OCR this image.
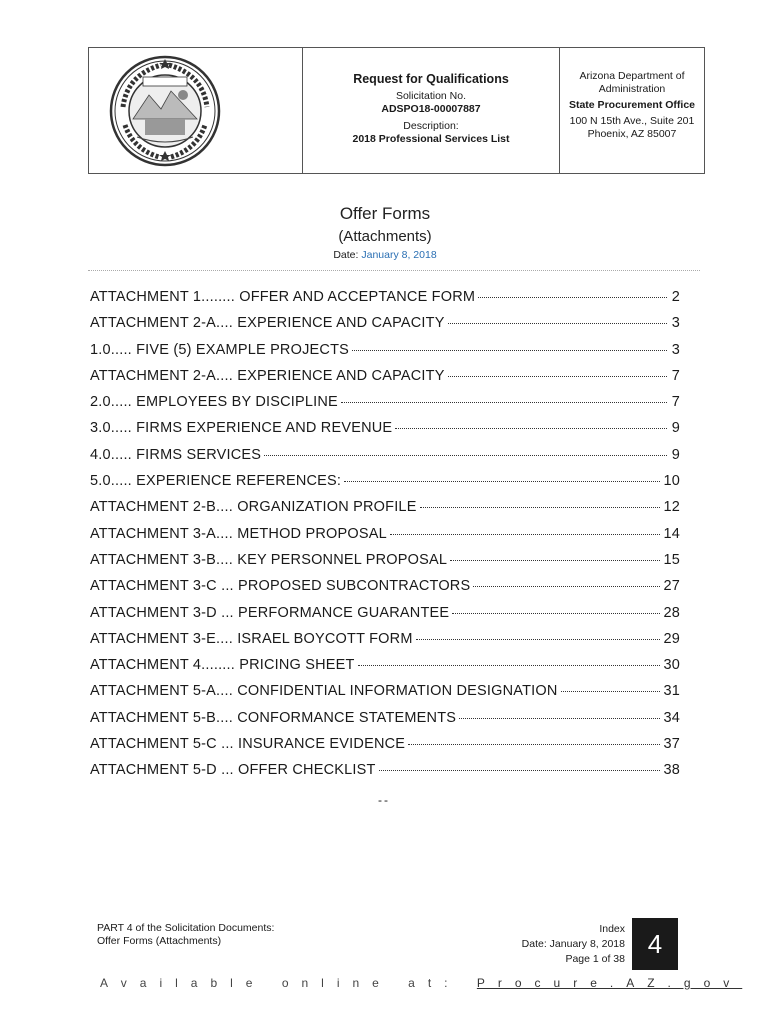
Request for Qualifications
Solicitation No.
ADSPO18-00007887
Description:
2018 Professional Services List
Arizona Department of
Administration
State Procurement Office
100 N 15th Ave., Suite 201
Phoenix, AZ 85007
Offer Forms
(Attachments)
Date: January 8, 2018
ATTACHMENT 1........ OFFER AND ACCEPTANCE FORM	2
ATTACHMENT 2-A.... EXPERIENCE AND CAPACITY	3
1.0..... FIVE (5) EXAMPLE PROJECTS	3
ATTACHMENT 2-A.... EXPERIENCE AND CAPACITY	7
2.0..... EMPLOYEES BY DISCIPLINE	7
3.0..... FIRMS EXPERIENCE AND REVENUE	9
4.0..... FIRMS SERVICES	9
5.0..... EXPERIENCE REFERENCES:	10
ATTACHMENT 2-B.... ORGANIZATION PROFILE	12
ATTACHMENT 3-A.... METHOD PROPOSAL	14
ATTACHMENT 3-B.... KEY PERSONNEL PROPOSAL	15
ATTACHMENT 3-C ... PROPOSED SUBCONTRACTORS	27
ATTACHMENT 3-D ... PERFORMANCE GUARANTEE	28
ATTACHMENT 3-E.... ISRAEL BOYCOTT FORM	29
ATTACHMENT 4........ PRICING SHEET	30
ATTACHMENT 5-A.... CONFIDENTIAL INFORMATION DESIGNATION	31
ATTACHMENT 5-B.... CONFORMANCE STATEMENTS	34
ATTACHMENT 5-C ... INSURANCE EVIDENCE	37
ATTACHMENT 5-D ... OFFER CHECKLIST	38
--
PART 4 of the Solicitation Documents:
Offer Forms (Attachments)
Index
Date: January 8, 2018
Page 1 of 38
4
Available online at: Procure.AZ.gov
